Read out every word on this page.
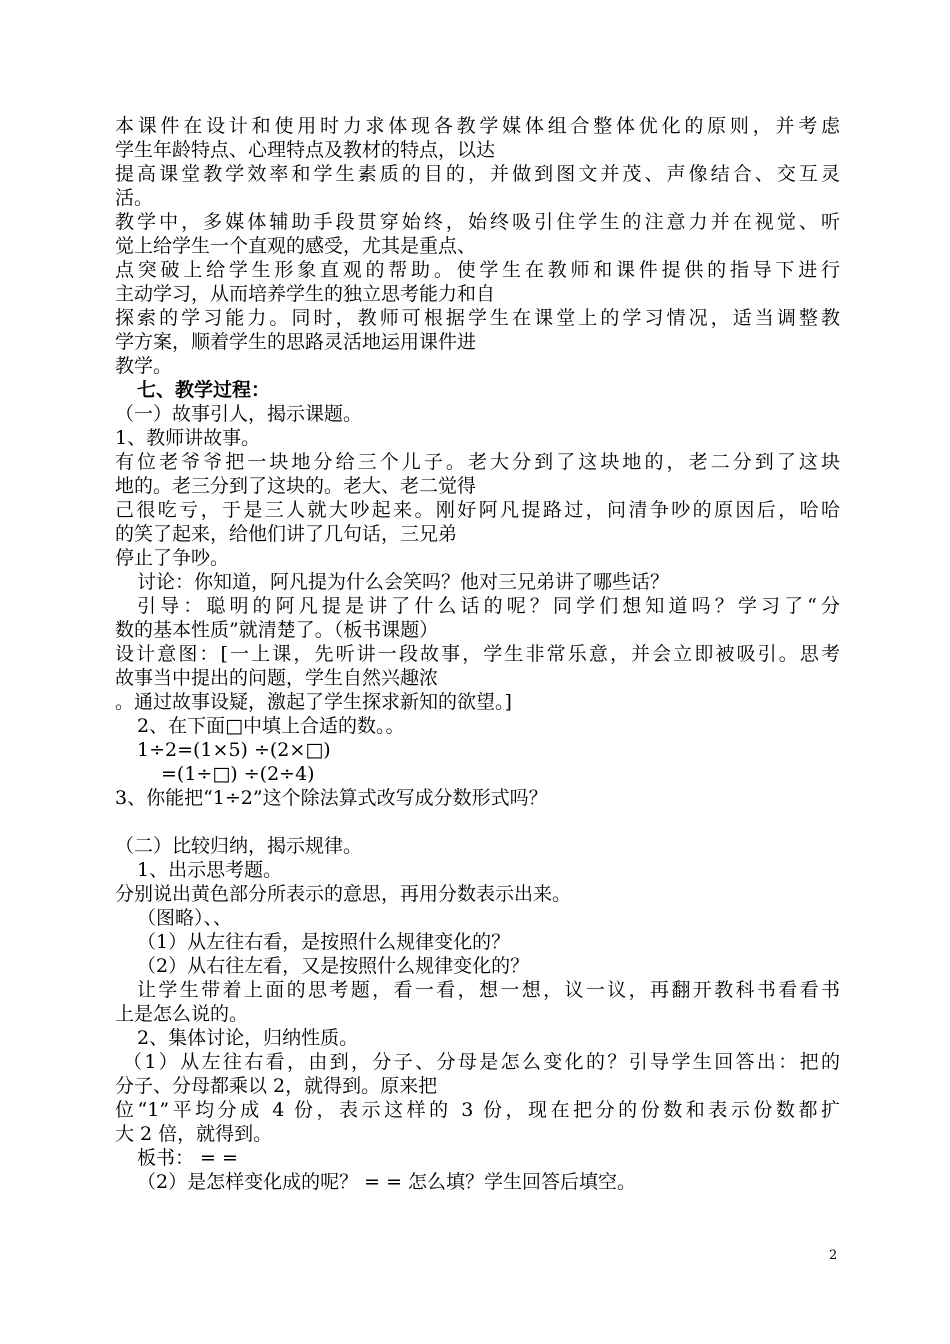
本课件在设计和使用时力求体现各教学媒体组合整体优化的原则，并考虑
学生年龄特点、心理特点及教材的特点，以达
提高课堂教学效率和学生素质的目的，并做到图文并茂、声像结合、交互灵
活。
教学中，多媒体辅助手段贯穿始终，始终吸引住学生的注意力并在视觉、听
觉上给学生一个直观的感受，尤其是重点、
点突破上给学生形象直观的帮助。使学生在教师和课件提供的指导下进行
主动学习，从而培养学生的独立思考能力和自
探索的学习能力。同时，教师可根据学生在课堂上的学习情况，适当调整教
学方案，顺着学生的思路灵活地运用课件进
教学。
七、教学过程：
（一）故事引人，揭示课题。
1、教师讲故事。
有位老爷爷把一块地分给三个儿子。老大分到了这块地的，老二分到了这块
地的。老三分到了这块的。老大、老二觉得
己很吃亏，于是三人就大吵起来。刚好阿凡提路过，问清争吵的原因后，哈哈
的笑了起来，给他们讲了几句话，三兄弟
停止了争吵。
讨论：你知道，阿凡提为什么会笑吗？他对三兄弟讲了哪些话？
引导：聪明的阿凡提是讲了什么话的呢？同学们想知道吗？学习了“分
数的基本性质”就清楚了。（板书课题）
设计意图：[一上课，先听讲一段故事，学生非常乐意，并会立即被吸引。思考
故事当中提出的问题，学生自然兴趣浓
。通过故事设疑，激起了学生探求新知的欲望。]
2、在下面□中填上合适的数。。
1÷2=(1×5) ÷(2×□)
=(1÷□) ÷(2÷4)
3、你能把“1÷2”这个除法算式改写成分数形式吗？
（二）比较归纳，揭示规律。
1、出示思考题。
分别说出黄色部分所表示的意思，再用分数表示出来。
（图略）、、
（1）从左往右看，是按照什么规律变化的？
（2）从右往左看，又是按照什么规律变化的？
让学生带着上面的思考题，看一看，想一想，议一议，再翻开教科书看看书
上是怎么说的。
2、集体讨论，归纳性质。
（1）从左往右看，由到，分子、分母是怎么变化的？引导学生回答出：把的
分子、分母都乘以 2，就得到。原来把
位“1”平均分成 4 份，表示这样的 3 份，现在把分的份数和表示份数都扩
大 2 倍，就得到。
板书： = =
（2）是怎样变化成的呢？ = = 怎么填？学生回答后填空。
2
